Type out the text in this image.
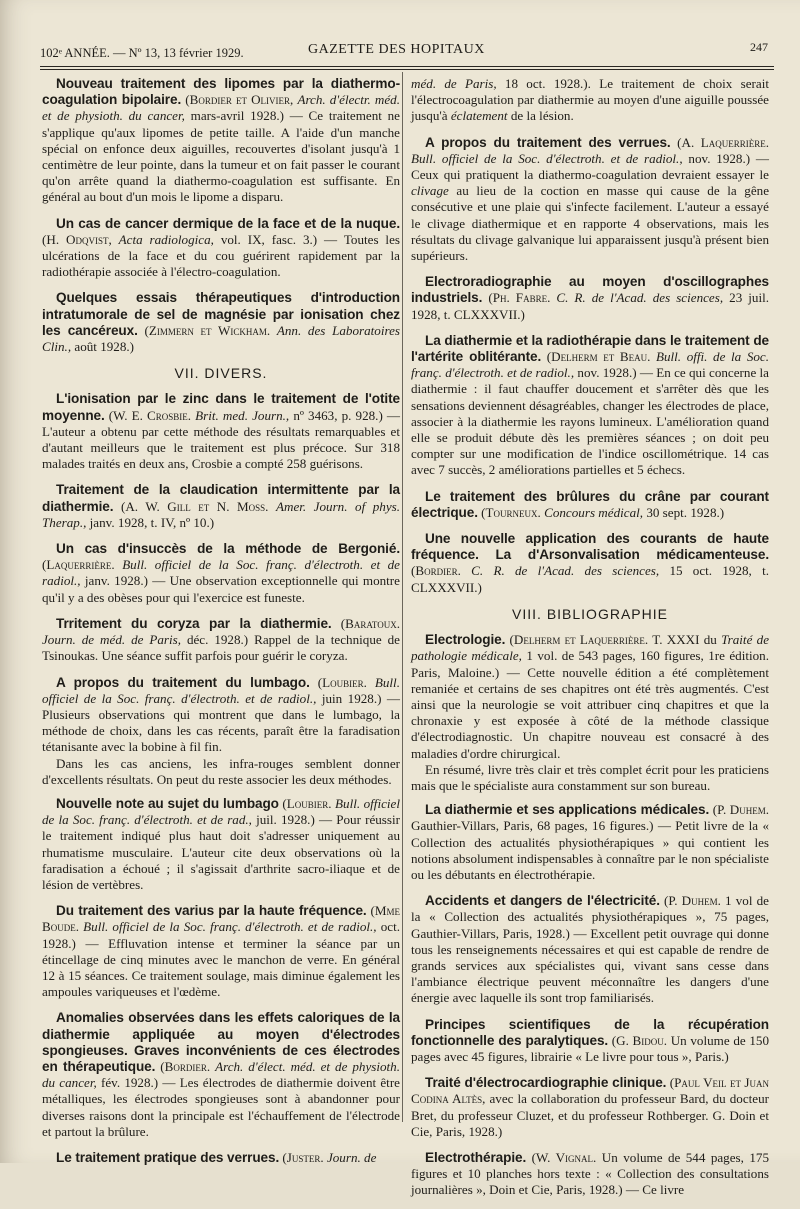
102ᵉ ANNÉE. — Nº 13, 13 février 1929.	GAZETTE DES HOPITAUX	247

Nouveau traitement des lipomes par la diathermo-coagulation bipolaire. (Bordier et Olivier, Arch. d'électr. méd. et de physioth. du cancer, mars-avril 1928.) — Ce traitement ne s'applique qu'aux lipomes de petite taille. A l'aide d'un manche spécial on enfonce deux aiguilles, recouvertes d'isolant jusqu'à 1 centimètre de leur pointe, dans la tumeur et on fait passer le courant qu'on arrête quand la diathermo-coagulation est suffisante. En général au bout d'un mois le lipome a disparu.

Un cas de cancer dermique de la face et de la nuque. (H. Odqvist, Acta radiologica, vol. IX, fasc. 3.) — Toutes les ulcérations de la face et du cou guérirent rapidement par la radiothérapie associée à l'électro-coagulation.

Quelques essais thérapeutiques d'introduction intratumorale de sel de magnésie par ionisation chez les cancéreux. (Zimmern et Wickham. Ann. des Laboratoires Clin., août 1928.)

VII. DIVERS.

L'ionisation par le zinc dans le traitement de l'otite moyenne. (W. E. Crosbie. Brit. med. Journ., nº 3463, p. 928.) — L'auteur a obtenu par cette méthode des résultats remarquables et d'autant meilleurs que le traitement est plus précoce. Sur 318 malades traités en deux ans, Crosbie a compté 258 guérisons.

Traitement de la claudication intermittente par la diathermie. (A. W. Gill et N. Moss. Amer. Journ. of phys. Therap., janv. 1928, t. IV, nº 10.)

Un cas d'insuccès de la méthode de Bergonié. (Laquerrière. Bull. officiel de la Soc. franç. d'électroth. et de radiol., janv. 1928.) — Une observation exceptionnelle qui montre qu'il y a des obèses pour qui l'exercice est funeste.

Trritement du coryza par la diathermie. (Baratoux. Journ. de méd. de Paris, déc. 1928.) Rappel de la technique de Tsinoukas. Une séance suffit parfois pour guérir le coryza.

A propos du traitement du lumbago. (Loubier. Bull. officiel de la Soc. franç. d'électroth. et de radiol., juin 1928.) — Plusieurs observations qui montrent que dans le lumbago, la méthode de choix, dans les cas récents, paraît être la faradisation tétanisante avec la bobine à fil fin.

Dans les cas anciens, les infra-rouges semblent donner d'excellents résultats. On peut du reste associer les deux méthodes.

Nouvelle note au sujet du lumbago (Loubier. Bull. officiel de la Soc. franç. d'électroth. et de rad., juil. 1928.) — Pour réussir le traitement indiqué plus haut doit s'adresser uniquement au rhumatisme musculaire. L'auteur cite deux observations où la faradisation a échoué ; il s'agissait d'arthrite sacro-iliaque et de lésion de vertèbres.

Du traitement des varius par la haute fréquence. (Mme Boude. Bull. officiel de la Soc. franç. d'électroth. et de radiol., oct. 1928.) — Effluvation intense et terminer la séance par un étincellage de cinq minutes avec le manchon de verre. En général 12 à 15 séances. Ce traitement soulage, mais diminue également les ampoules variqueuses et l'œdème.

Anomalies observées dans les effets caloriques de la diathermie appliquée au moyen d'électrodes spongieuses. Graves inconvénients de ces électrodes en thérapeutique. (Bordier. Arch. d'élect. méd. et de physioth. du cancer, fév. 1928.) — Les électrodes de diathermie doivent être métalliques, les électrodes spongieuses sont à abandonner pour diverses raisons dont la principale est l'échauffement de l'électrode et partout la brûlure.

Le traitement pratique des verrues. (Juster. Journ. de

méd. de Paris, 18 oct. 1928.). Le traitement de choix serait l'électrocoagulation par diathermie au moyen d'une aiguille poussée jusqu'à éclatement de la lésion.

A propos du traitement des verrues. (A. Laquerrière. Bull. officiel de la Soc. d'électroth. et de radiol., nov. 1928.) — Ceux qui pratiquent la diathermo-coagulation devraient essayer le clivage au lieu de la coction en masse qui cause de la gêne consécutive et une plaie qui s'infecte facilement. L'auteur a essayé le clivage diathermique et en rapporte 4 observations, mais les résultats du clivage galvanique lui apparaissent jusqu'à présent bien supérieurs.

Electroradiographie au moyen d'oscillographes industriels. (Ph. Fabre. C. R. de l'Acad. des sciences, 23 juil. 1928, t. CLXXXVII.)

La diathermie et la radiothérapie dans le traitement de l'artérite oblitérante. (Delherm et Beau. Bull. offi. de la Soc. franç. d'électroth. et de radiol., nov. 1928.) — En ce qui concerne la diathermie : il faut chauffer doucement et s'arrêter dès que les sensations deviennent désagréables, changer les électrodes de place, associer à la diathermie les rayons lumineux. L'amélioration quand elle se produit débute dès les premières séances ; on doit peu compter sur une modification de l'indice oscillométrique. 14 cas avec 7 succès, 2 améliorations partielles et 5 échecs.

Le traitement des brûlures du crâne par courant électrique. (Tourneux. Concours médical, 30 sept. 1928.)

Une nouvelle application des courants de haute fréquence. La d'Arsonvalisation médicamenteuse. (Bordier. C. R. de l'Acad. des sciences, 15 oct. 1928, t. CLXXXVII.)

VIII. BIBLIOGRAPHIE

Electrologie. (Delherm et Laquerrière. T. XXXI du Traité de pathologie médicale, 1 vol. de 543 pages, 160 figures, 1re édition. Paris, Maloine.) — Cette nouvelle édition a été complètement remaniée et certains de ses chapitres ont été très augmentés. C'est ainsi que la neurologie se voit attribuer cinq chapitres et que la chronaxie y est exposée à côté de la méthode classique d'électrodiagnostic. Un chapitre nouveau est consacré à des maladies d'ordre chirurgical.

En résumé, livre très clair et très complet écrit pour les praticiens mais que le spécialiste aura constamment sur son bureau.

La diathermie et ses applications médicales. (P. Duhem. Gauthier-Villars, Paris, 68 pages, 16 figures.) — Petit livre de la « Collection des actualités physiothérapiques » qui contient les notions absolument indispensables à connaître par le non spécialiste ou les débutants en électrothérapie.

Accidents et dangers de l'électricité. (P. Duhem. 1 vol de la « Collection des actualités physiothérapiques », 75 pages, Gauthier-Villars, Paris, 1928.) — Excellent petit ouvrage qui donne tous les renseignements nécessaires et qui est capable de rendre de grands services aux spécialistes qui, vivant sans cesse dans l'ambiance électrique peuvent méconnaître les dangers d'une énergie avec laquelle ils sont trop familiarisés.

Principes scientifiques de la récupération fonctionnelle des paralytiques. (G. Bidou. Un volume de 150 pages avec 45 figures, librairie « Le livre pour tous », Paris.)

Traité d'électrocardiographie clinique. (Paul Veil et Juan Codina Altès, avec la collaboration du professeur Bard, du docteur Bret, du professeur Cluzet, et du professeur Rothberger. G. Doin et Cie, Paris, 1928.)

Electrothérapie. (W. Vignal. Un volume de 544 pages, 175 figures et 10 planches hors texte : « Collection des consultations journalières », Doin et Cie, Paris, 1928.) — Ce livre
